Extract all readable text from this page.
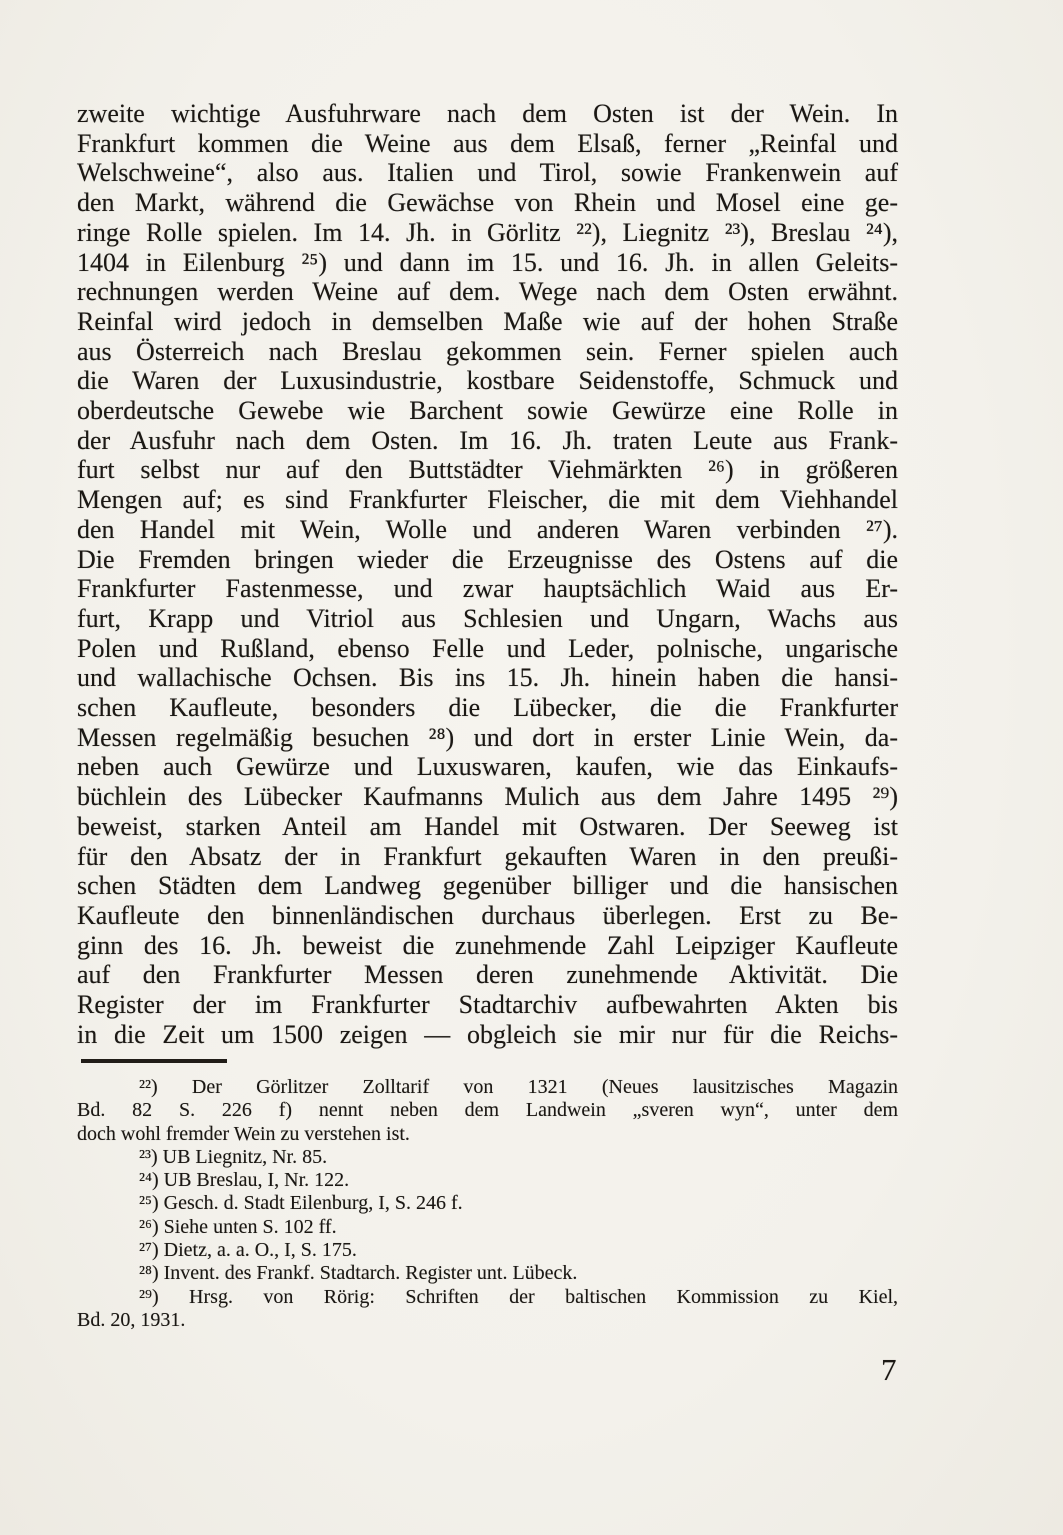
zweite wichtige Ausfuhrware nach dem Osten ist der Wein. In
Frankfurt kommen die Weine aus dem Elsaß, ferner „Reinfal und
Welschweine“, also aus. Italien und Tirol, sowie Frankenwein auf
den Markt, während die Gewächse von Rhein und Mosel eine ge-
ringe Rolle spielen. Im 14. Jh. in Görlitz ²²), Liegnitz ²³), Breslau ²⁴),
1404 in Eilenburg ²⁵) und dann im 15. und 16. Jh. in allen Geleits-
rechnungen werden Weine auf dem. Wege nach dem Osten erwähnt.
Reinfal wird jedoch in demselben Maße wie auf der hohen Straße
aus Österreich nach Breslau gekommen sein. Ferner spielen auch
die Waren der Luxusindustrie, kostbare Seidenstoffe, Schmuck und
oberdeutsche Gewebe wie Barchent sowie Gewürze eine Rolle in
der Ausfuhr nach dem Osten. Im 16. Jh. traten Leute aus Frank-
furt selbst nur auf den Buttstädter Viehmärkten ²⁶) in größeren
Mengen auf; es sind Frankfurter Fleischer, die mit dem Viehhandel
den Handel mit Wein, Wolle und anderen Waren verbinden ²⁷).
Die Fremden bringen wieder die Erzeugnisse des Ostens auf die
Frankfurter Fastenmesse, und zwar hauptsächlich Waid aus Er-
furt, Krapp und Vitriol aus Schlesien und Ungarn, Wachs aus
Polen und Rußland, ebenso Felle und Leder, polnische, ungarische
und wallachische Ochsen. Bis ins 15. Jh. hinein haben die hansi-
schen Kaufleute, besonders die Lübecker, die die Frankfurter
Messen regelmäßig besuchen ²⁸) und dort in erster Linie Wein, da-
neben auch Gewürze und Luxuswaren, kaufen, wie das Einkaufs-
büchlein des Lübecker Kaufmanns Mulich aus dem Jahre 1495 ²⁹)
beweist, starken Anteil am Handel mit Ostwaren. Der Seeweg ist
für den Absatz der in Frankfurt gekauften Waren in den preußi-
schen Städten dem Landweg gegenüber billiger und die hansischen
Kaufleute den binnenländischen durchaus überlegen. Erst zu Be-
ginn des 16. Jh. beweist die zunehmende Zahl Leipziger Kaufleute
auf den Frankfurter Messen deren zunehmende Aktivität. Die
Register der im Frankfurter Stadtarchiv aufbewahrten Akten bis
in die Zeit um 1500 zeigen — obgleich sie mir nur für die Reichs-
²²) Der Görlitzer Zolltarif von 1321 (Neues lausitzisches Magazin
Bd. 82 S. 226 f) nennt neben dem Landwein „sveren wyn“, unter dem
doch wohl fremder Wein zu verstehen ist.
²³) UB Liegnitz, Nr. 85.
²⁴) UB Breslau, I, Nr. 122.
²⁵) Gesch. d. Stadt Eilenburg, I, S. 246 f.
²⁶) Siehe unten S. 102 ff.
²⁷) Dietz, a. a. O., I, S. 175.
²⁸) Invent. des Frankf. Stadtarch. Register unt. Lübeck.
²⁹) Hrsg. von Rörig: Schriften der baltischen Kommission zu Kiel,
Bd. 20, 1931.
7
